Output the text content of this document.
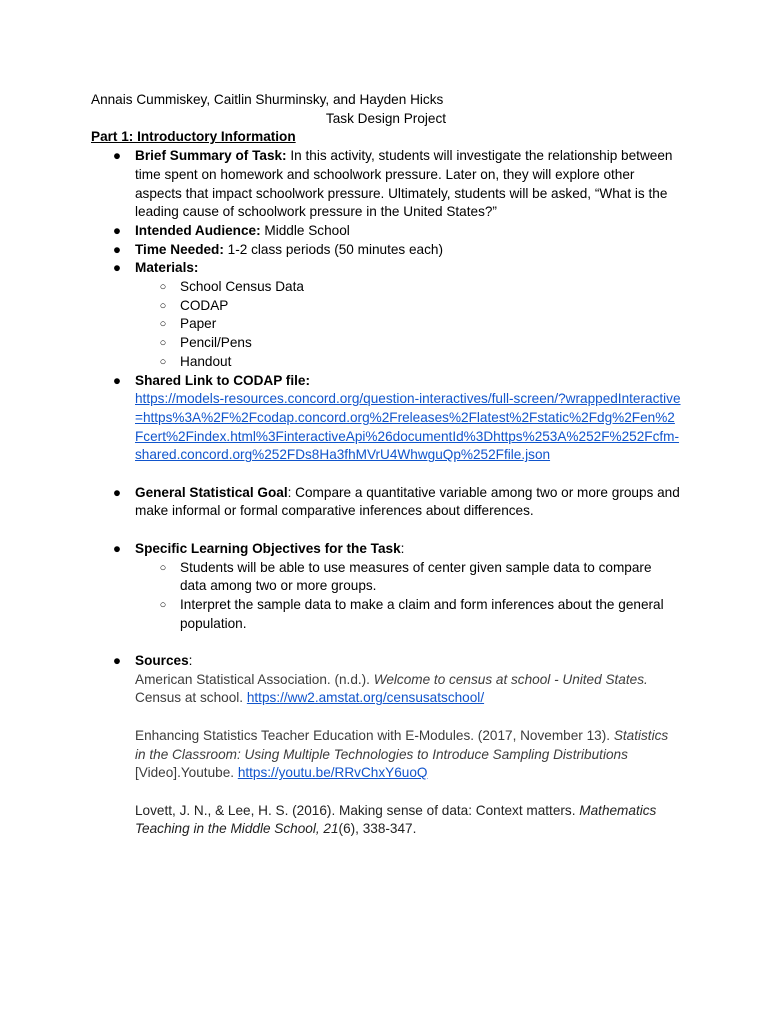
Annais Cummiskey, Caitlin Shurminsky, and Hayden Hicks
Task Design Project
Part 1: Introductory Information
● Brief Summary of Task: In this activity, students will investigate the relationship between time spent on homework and schoolwork pressure. Later on, they will explore other aspects that impact schoolwork pressure. Ultimately, students will be asked, “What is the leading cause of schoolwork pressure in the United States?”
● Intended Audience: Middle School
● Time Needed: 1-2 class periods (50 minutes each)
● Materials:
○ School Census Data
○ CODAP
○ Paper
○ Pencil/Pens
○ Handout
● Shared Link to CODAP file:
https://models-resources.concord.org/question-interactives/full-screen/?wrappedInteractive=https%3A%2F%2Fcodap.concord.org%2Freleases%2Flatest%2Fstatic%2Fdg%2Fen%2Fcert%2Findex.html%3FinteractiveApi%26documentId%3Dhttps%253A%252F%252Fcfm-shared.concord.org%252FDs8Ha3fhMVrU4WhwguQp%252Ffile.json
● General Statistical Goal: Compare a quantitative variable among two or more groups and make informal or formal comparative inferences about differences.
● Specific Learning Objectives for the Task:
○ Students will be able to use measures of center given sample data to compare data among two or more groups.
○ Interpret the sample data to make a claim and form inferences about the general population.
● Sources:
American Statistical Association. (n.d.). Welcome to census at school - United States. Census at school. https://ww2.amstat.org/censusatschool/
Enhancing Statistics Teacher Education with E-Modules. (2017, November 13). Statistics in the Classroom: Using Multiple Technologies to Introduce Sampling Distributions [Video].Youtube. https://youtu.be/RRvChxY6uoQ
Lovett, J. N., & Lee, H. S. (2016). Making sense of data: Context matters. Mathematics Teaching in the Middle School, 21(6), 338-347.
